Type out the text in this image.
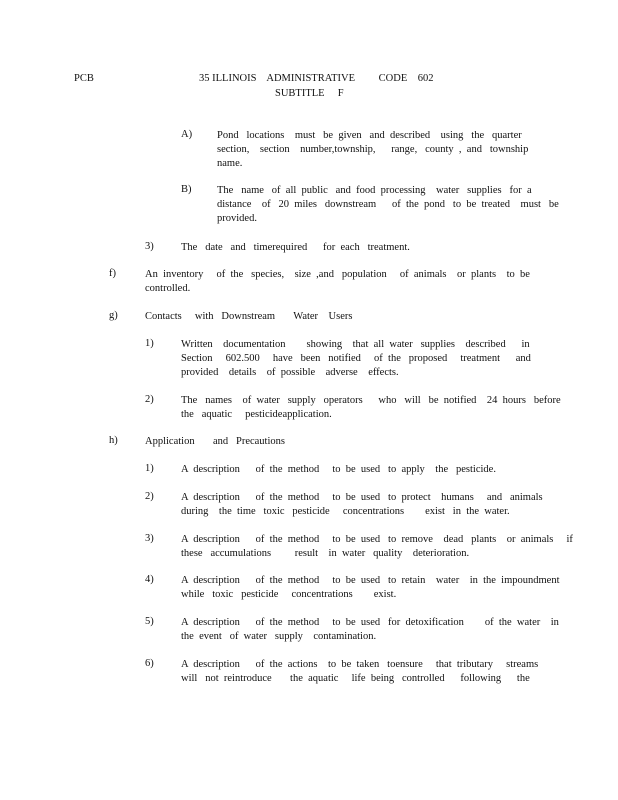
PCB	35 ILLINOIS    ADMINISTRATIVE         CODE    602
SUBTITLE     F
A) Pond   locations    must   be  given   and  described    using   the   quarter
section,    section    number,township,      range,   county  ,  and   township
name.
B) The   name   of  all  public   and  food  processing    water   supplies   for  a
distance    of   20  miles   downstream      of  the  pond   to  be  treated    must   be
provided.
3)	The   date   and   timerequired      for  each   treatment.
f)	An  inventory     of  the   species,    size  ,and   population     of  animals    or  plants    to  be
controlled.
g)	Contacts     with   Downstream       Water    Users
1)	Written    documentation        showing    that  all  water   supplies    described      in
Section     602.500     have   been   notified     of  the   proposed     treatment      and
provided    details    of  possible    adverse    effects.
2)	The   names    of  water   supply   operators      who   will   be  notified    24  hours   before
the   aquatic     pesticideapplication.
h)	Application       and   Precautions
1)	A  description      of  the  method     to  be  used   to  apply    the   pesticide.
2)	A  description      of  the  method     to  be  used   to  protect    humans     and   animals
during    the  time   toxic   pesticide     concentrations        exist   in  the  water.
3)	A  description      of  the  method     to  be  used   to  remove    dead   plants    or  animals     if
these   accumulations         result    in  water   quality    deterioration.
4)	A  description      of  the  method     to  be  used   to  retain    water    in  the  impoundment
while   toxic   pesticide     concentrations        exist.
5)	A  description      of  the  method     to  be  used   for  detoxification        of  the  water    in
the  event   of  water   supply    contamination.
6)	A  description      of  the  actions    to  be  taken   toensure     that  tributary     streams
will   not  reintroduce       the  aquatic     life  being   controlled      following      the
